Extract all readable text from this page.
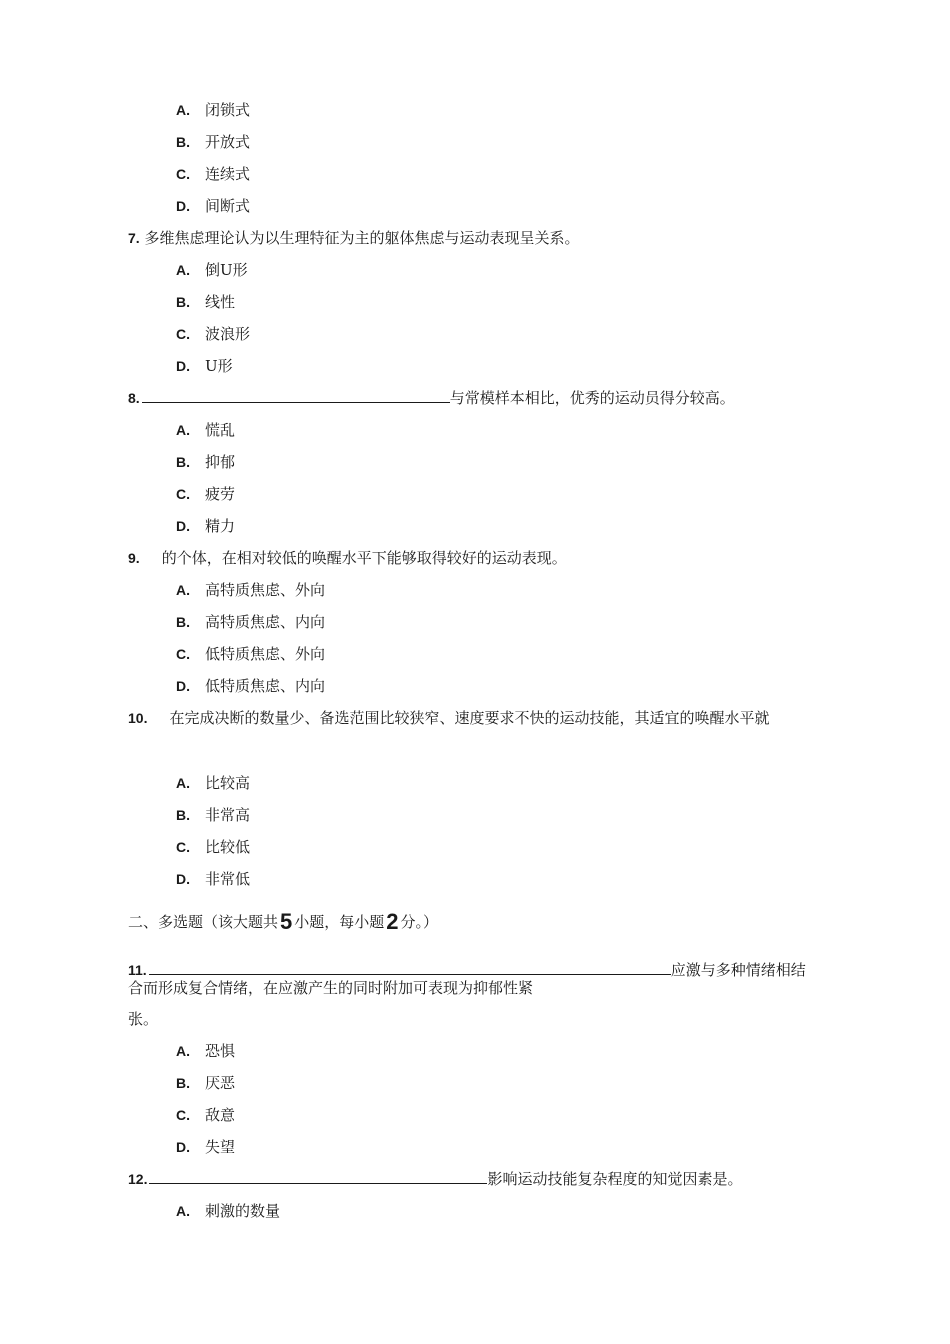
A. 闭锁式
B. 开放式
C. 连续式
D. 间断式
7. 多维焦虑理论认为以生理特征为主的躯体焦虑与运动表现呈关系。
A. 倒U形
B. 线性
C. 波浪形
D. U形
8.	与常模样本相比，优秀的运动员得分较高。
A. 慌乱
B. 抑郁
C. 疲劳
D. 精力
9. 的个体，在相对较低的唤醒水平下能够取得较好的运动表现。
A. 高特质焦虑、外向
B. 高特质焦虑、内向
C. 低特质焦虑、外向
D. 低特质焦虑、内向
10. 在完成决断的数量少、备选范围比较狭窄、速度要求不快的运动技能，其适宜的唤醒水平就
A. 比较高
B. 非常高
C. 比较低
D. 非常低
二、多选题（该大题共5 小题，每小题2 分。）
11.	应激与多种情绪相结
合而形成复合情绪，在应激产生的同时附加可表现为抑郁性紧
张。
A. 恐惧
B. 厌恶
C. 敌意
D. 失望
12.	影响运动技能复杂程度的知觉因素是。
A. 刺激的数量
